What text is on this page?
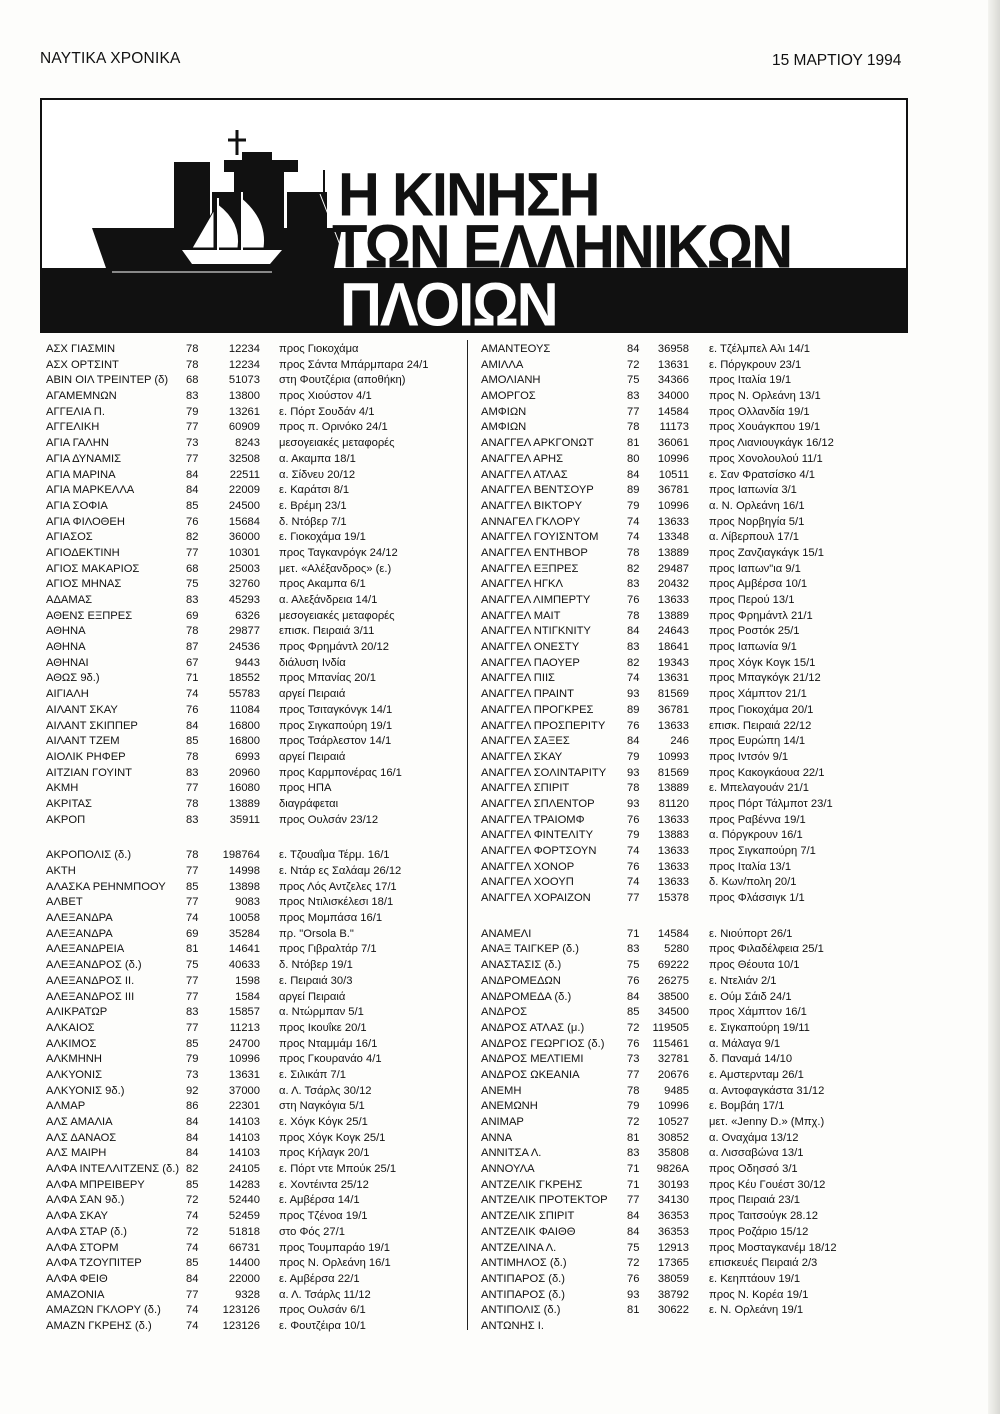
ΝΑΥΤΙΚΑ ΧΡΟΝΙΚΑ	15 ΜΑΡΤΙΟΥ 1994
Η ΚΙΝΗΣΗ
ΤΩΝ ΕΛΛΗΝΙΚΩΝ
ΠΛΟΙΩΝ
ΑΣΧ ΓΙΑΣΜΙΝ	78	12234 προς Γιοκοχάμα
ΑΣΧ ΟΡΤΣΙΝΤ	78	12234 προς Σάντα Μπάρμπαρα 24/1
ΑΒΙΝ ΟΙΛ ΤΡΕΙΝΤΕΡ (δ) 68	51073 στη Φουτζέρια (αποθήκη)
ΑΓΑΜΕΜΝΩΝ	83	13800 προς Χιούστον 4/1
ΑΓΓΕΛΙΑ Π.	79	13261 ε. Πόρτ Σουδάν 4/1
ΑΓΓΕΛΙΚΗ	77	60909 προς π. Ορινόκο 24/1
ΑΓΙΑ ΓΑΛΗΝ	73	8243 μεσογειακές μεταφορές
ΑΓΙΑ ΔΥΝΑΜΙΣ	77	32508 α. Ακαμπα 18/1
ΑΓΙΑ ΜΑΡΙΝΑ	84	22511 α. Σίδνευ 20/12
ΑΓΙΑ ΜΑΡΚΕΛΛΑ	84	22009 ε. Καράτσι 8/1
ΑΓΙΑ ΣΟΦΙΑ	85	24500 ε. Βρέμη 23/1
ΑΓΙΑ ΦΙΛΟΘΕΗ	76	15684 δ. Ντόβερ 7/1
ΑΓΙΑΣΟΣ	82	36000 ε. Γιοκοχάμα 19/1
ΑΓΙΟΔΕΚΤΙΝΗ	77	10301 προς Ταγκανρόγκ 24/12
ΑΓΙΟΣ ΜΑΚΑΡΙΟΣ	68	25003 μετ. «Αλέξανδρος» (ε.)
ΑΓΙΟΣ ΜΗΝΑΣ	75	32760 προς Ακαμπα 6/1
ΑΔΑΜΑΣ	83	45293 α. Αλεξάνδρεια 14/1
ΑΘΕΝΣ ΕΞΠΡΕΣ	69	6326 μεσογειακές μεταφορές
ΑΘΗΝΑ	78	29877 επισκ. Πειραιά 3/11
ΑΘΗΝΑ	87	24536 προς Φρημάντλ 20/12
ΑΘΗΝΑΙ	67	9443 διάλυση Ινδία
ΑΘΩΣ 9δ.)	71	18552 προς Μπανίας 20/1
ΑΙΓΙΑΛΗ	74	55783 αργεί Πειραιά
ΑΙΛΑΝΤ ΣΚΑΥ	76	11084 προς Τσιταγκόνγκ 14/1
ΑΙΛΑΝΤ ΣΚΙΠΠΕΡ	84	16800 προς Σιγκαπούρη 19/1
ΑΙΛΑΝΤ ΤΖΕΜ	85	16800 προς Τσάρλεστον 14/1
ΑΙΟΛΙΚ ΡΗΦΕΡ	78	6993 αργεί Πειραιά
ΑΙΤΖΙΑΝ ΓΟΥΙΝΤ	83	20960 προς Καρμπονέρας 16/1
ΑΚΜΗ	77	16080 προς ΗΠΑ
ΑΚΡΙΤΑΣ	78	13889 διαγράφεται
ΑΚΡΟΠ	83	35911 προς Ουλσάν 23/12
ΑΚΡΟΠΟΛΙΣ (δ.)	78	198764 ε. Τζουαΐμα Τέρμ. 16/1
ΑΚΤΗ	77	14998 ε. Ντάρ ες Σαλάαμ 26/12
ΑΛΑΣΚΑ ΡΕΗΝΜΠΟΟΥ 85	13898 προς Λός Αντζελες 17/1
ΑΛΒΕΤ	77	9083 προς Ντιλισκέλεσι 18/1
ΑΛΕΞΑΝΔΡΑ	74	10058 προς Μομπάσα 16/1
ΑΛΕΞΑΝΔΡΑ	69	35284 πρ. "Orsola B."
ΑΛΕΞΑΝΔΡΕΙΑ	81	14641 προς Γιβραλτάρ 7/1
ΑΛΕΞΑΝΔΡΟΣ (δ.)	75	40633 δ. Ντόβερ 19/1
ΑΛΕΞΑΝΔΡΟΣ ΙΙ.	77	1598 ε. Πειραιά 30/3
ΑΛΕΞΑΝΔΡΟΣ ΙΙΙ	77	1584 αργεί Πειραιά
ΑΛΙΚΡΑΤΩΡ	83	15857 α. Ντώρμπαν 5/1
ΑΛΚΑΙΟΣ	77	11213 προς Ικουΐκε 20/1
ΑΛΚΙΜΟΣ	85	24700 προς Νταμμάμ 16/1
ΑΛΚΜΗΝΗ	79	10996 προς Γκουρανάο 4/1
ΑΛΚΥΟΝΙΣ	73	13631 ε. Σιλικάπ 7/1
ΑΛΚΥΟΝΙΣ 9δ.)	92	37000 α. Λ. Τσάρλς 30/12
ΑΛΜΑΡ	86	22301 στη Ναγκόγια 5/1
ΑΛΣ ΑΜΑΛΙΑ	84	14103 ε. Χόγκ Κόγκ 25/1
ΑΛΣ ΔΑΝΑΟΣ	84	14103 προς Χόγκ Κογκ 25/1
ΑΛΣ ΜΑΙΡΗ	84	14103 προς Κήλαγκ 20/1
ΑΛΦΑ ΙΝΤΕΛΛΙΤΖΕΝΣ (δ.) 82	24105 ε. Πόρτ ντε Μπούκ 25/1
ΑΛΦΑ ΜΠΡΕΙΒΕΡΥ	85	14283 ε. Χοντέιντα 25/12
ΑΛΦΑ ΣΑΝ 9δ.)	72	52440 ε. Αμβέρσα 14/1
ΑΛΦΑ ΣΚΑΥ	74	52459 προς Τζένοα 19/1
ΑΛΦΑ ΣΤΑΡ (δ.)	72	51818 στο Φός 27/1
ΑΛΦΑ ΣΤΟΡΜ	74	66731 προς Τουμπαράο 19/1
ΑΛΦΑ ΤΖΟΥΠΙΤΕΡ	85	14400 προς Ν. Ορλεάνη 16/1
ΑΛΦΑ ΦΕΙΘ	84	22000 ε. Αμβέρσα 22/1
ΑΜΑΖΟΝΙΑ	77	9328 α. Λ. Τσάρλς 11/12
ΑΜΑΖΩΝ ΓΚΛΟΡΥ (δ.) 74	123126 προς Ουλσάν 6/1
ΑΜΑΖΝ ΓΚΡΕΗΣ (δ.)	74	123126 ε. Φουτζέιρα 10/1
ΑΜΑΝΤΕΟΥΣ	84	36958 ε. Τζέλμπελ Αλι 14/1
ΑΜΙΛΛΑ	72	13631 ε. Πόργκρουν 23/1
ΑΜΟΛΙΑΝΗ	75	34366 προς Ιταλία 19/1
ΑΜΟΡΓΟΣ	83	34000 προς Ν. Ορλεάνη 13/1
ΑΜΦΙΩΝ	77	14584 προς Ολλανδία 19/1
ΑΜΦΙΩΝ	78	11173 προς Χουάγκπου 19/1
ΑΝΑΓΓΕΛ ΑΡΚΓΟΝΩΤ	81	36061 προς Λιανιουγκάγκ 16/12
ΑΝΑΓΓΕΛ ΑΡΗΣ	80	10996 προς Χονολουλού 11/1
ΑΝΑΓΓΕΛ ΑΤΛΑΣ	84	10511 ε. Σαν Φρατσίσκο 4/1
ΑΝΑΓΓΕΛ ΒΕΝΤΣΟΥΡ	89	36781 προς Ιαπωνία 3/1
ΑΝΑΓΓΕΛ ΒΙΚΤΟΡΥ	79	10996 α. Ν. Ορλεάνη 16/1
ΑΝΝΑΓΕΛ ΓΚΛΟΡΥ	74	13633 προς Νορβηγία 5/1
ΑΝΑΓΓΕΛ ΓΟΥΙΣΝΤΟΜ	74	13348 α. Λίβερπουλ 17/1
ΑΝΑΓΓΕΛ ΕΝΤΗΒΟΡ	78	13889 προς Ζανζιαγκάγκ 15/1
ΑΝΑΓΓΕΛ ΕΞΠΡΕΣ	82	29487 προς Ιαπων"ια 9/1
ΑΝΑΓΓΕΛ ΗΓΚΛ	83	20432 προς Αμβέρσα 10/1
ΑΝΑΓΓΕΛ ΛΙΜΠΕΡΤΥ	76	13633 προς Περού 13/1
ΑΝΑΓΓΕΛ ΜΑΙΤ	78	13889 προς Φρημάντλ 21/1
ΑΝΑΓΓΕΛ ΝΤΙΓΚΝΙΤΥ	84	24643 προς Ροστόκ 25/1
ΑΝΑΓΓΕΛ ΟΝΕΣΤΥ	83	18641 προς Ιαπωνία 9/1
ΑΝΑΓΓΕΛ ΠΑΟΥΕΡ	82	19343 προς Χόγκ Κογκ 15/1
ΑΝΑΓΓΕΛ ΠΙΙΣ	74	13631 προς Μπαγκόγκ 21/12
ΑΝΑΓΓΕΛ ΠΡΑΙΝΤ	93	81569 προς Χάμπτον 21/1
ΑΝΑΓΓΕΛ ΠΡΟΓΚΡΕΣ	89	36781 προς Γιοκοχάμα 20/1
ΑΝΑΓΓΕΛ ΠΡΟΣΠΕΡΙΤΥ 76	13633 επισκ. Πειραιά 22/12
ΑΝΑΓΓΕΛ ΣΑΞΕΣ	84	246 προς Ευρώπη 14/1
ΑΝΑΓΓΕΛ ΣΚΑΥ	79	10993 προς Ιντσόν 9/1
ΑΝΑΓΓΕΛ ΣΟΛΙΝΤΑΡΙΤΥ 93	81569 προς Κακογκάουα 22/1
ΑΝΑΓΓΕΛ ΣΠΙΡΙΤ	78	13889 ε. Μπελαγουάν 21/1
ΑΝΑΓΓΕΛ ΣΠΛΕΝΤΟΡ	93	81120 προς Πόρτ Τάλμποτ 23/1
ΑΝΑΓΓΕΛ ΤΡΑΙΟΜΦ	76	13633 προς Ραβέννα 19/1
ΑΝΑΓΓΕΛ ΦΙΝΤΕΛΙΤΥ	79	13883 α. Πόργκρουν 16/1
ΑΝΑΓΓΕΛ ΦΟΡΤΣΟΥΝ	74	13633 προς Σιγκαπούρη 7/1
ΑΝΑΓΓΕΛ ΧΟΝΟΡ	76	13633 προς Ιταλία 13/1
ΑΝΑΓΓΕΛ ΧΟΟΥΠ	74	13633 δ. Κων/πολη 20/1
ΑΝΑΓΓΕΛ ΧΟΡΑΙΖΟΝ	77	15378 προς Φλάσσιγκ 1/1
ΑΝΑΜΕΛΙ	71	14584 ε. Νιούπορτ 26/1
ΑΝΑΞ ΤΑΙΓΚΕΡ (δ.)	83	5280 προς Φιλαδέλφεια 25/1
ΑΝΑΣΤΑΣΙΣ (δ.)	75	69222 προς Θέουτα 10/1
ΑΝΔΡΟΜΕΔΩΝ	76	26275 ε. Ντελιάν 2/1
ΑΝΔΡΟΜΕΔΑ (δ.)	84	38500 ε. Ούμ Σάιδ 24/1
ΑΝΔΡΟΣ	85	34500 προς Χάμπτον 16/1
ΑΝΔΡΟΣ ΑΤΛΑΣ (μ.)	72	119505 ε. Σιγκαπούρη 19/11
ΑΝΔΡΟΣ ΓΕΩΡΓΙΟΣ (δ.) 76	115461 α. Μάλαγα 9/1
ΑΝΔΡΟΣ ΜΕΛΤΙΕΜΙ	73	32781 δ. Παναμά 14/10
ΑΝΔΡΟΣ ΩΚΕΑΝΙΑ	77	20676 ε. Αμστερνταμ 26/1
ΑΝΕΜΗ	78	9485 α. Αντοφαγκάστα 31/12
ΑΝΕΜΩΝΗ	79	10996 ε. Βομβάη 17/1
ΑΝΙΜΑΡ	72	10527 μετ. «Jenny D.» (Μπχ.)
ΑΝΝΑ	81	30852 α. Οναχάμα 13/12
ΑΝΝΙΤΣΑ Λ.	83	35808 α. Λισσαβώνα 13/1
ΑΝΝΟΥΛΑ	71	9826A προς Οδησσό 3/1
ΑΝΤΖΕΛΙΚ ΓΚΡΕΗΣ	71	30193 προς Κέυ Γουέστ 30/12
ΑΝΤΖΕΛΙΚ ΠΡΟΤΕΚΤΟΡ 77	34130 προς Πειραιά 23/1
ΑΝΤΖΕΛΙΚ ΣΠΙΡΙΤ	84	36353 προς Ταιτσούγκ 28.12
ΑΝΤΖΕΛΙΚ ΦΑΙΘΘ	84	36353 προς Ροζάριο 15/12
ΑΝΤΖΕΛΙΝΑ Λ.	75	12913 προς Μοσταγκανέμ 18/12
ΑΝΤΙΜΗΛΟΣ (δ.)	72	17365 επισκευές Πειραιά 2/3
ΑΝΤΙΠΑΡΟΣ (δ.)	76	38059 ε. Κεηπτάουν 19/1
ΑΝΤΙΠΑΡΟΣ (δ.)	93	38792 προς Ν. Κορέα 19/1
ΑΝΤΙΠΟΛΙΣ (δ.)	81	30622 ε. Ν. Ορλεάνη 19/1
ΑΝΤΩΝΗΣ Ι.
